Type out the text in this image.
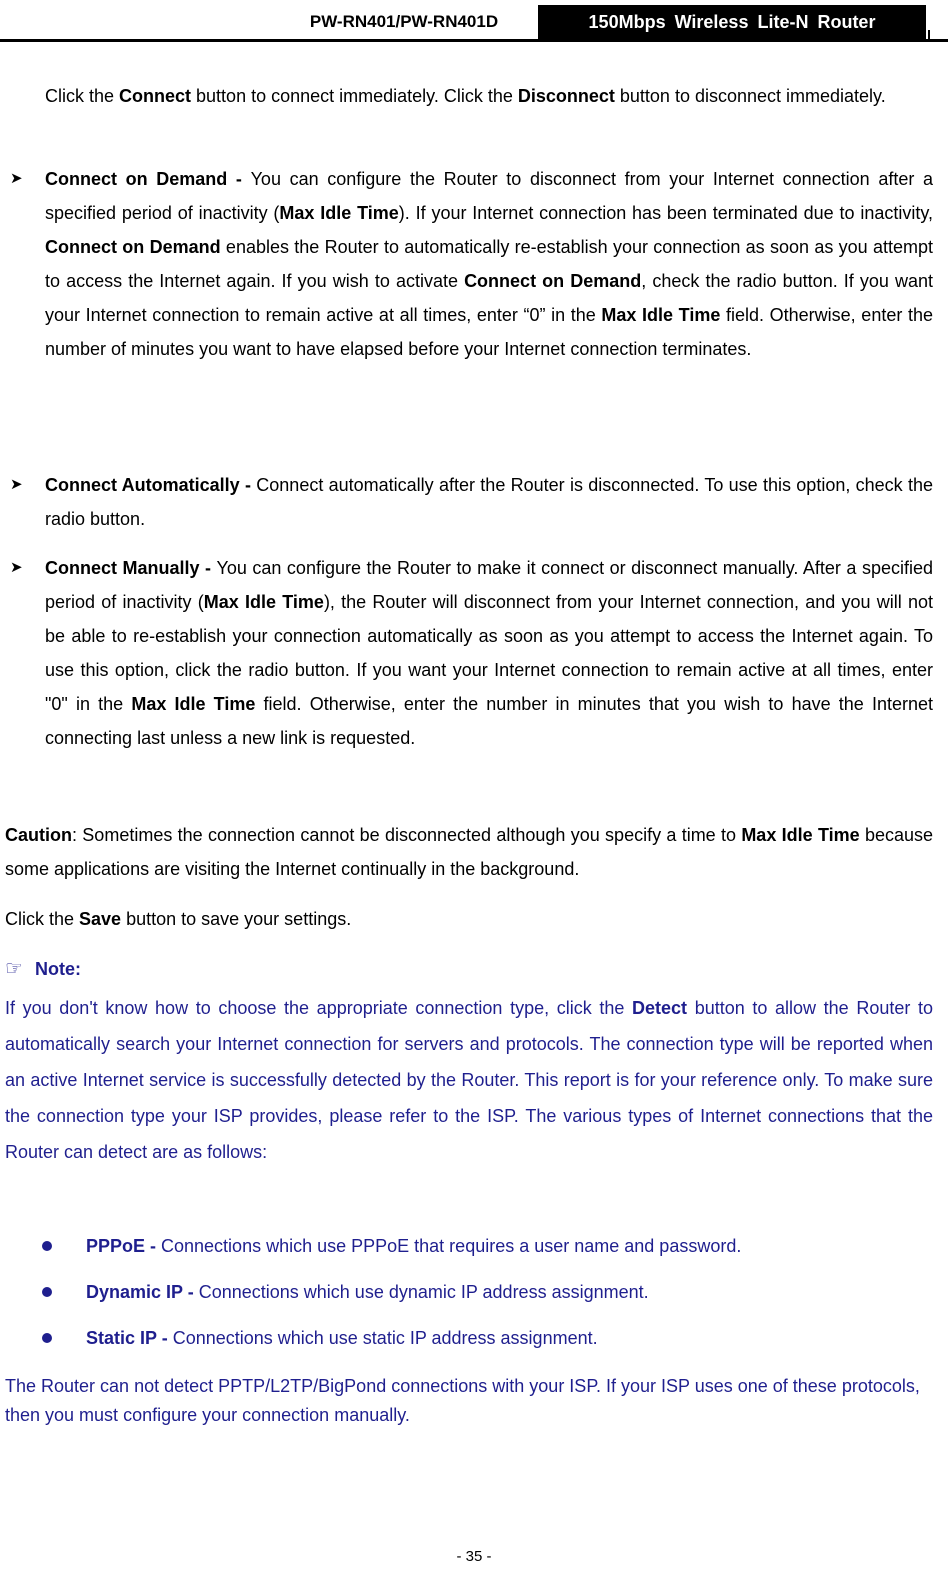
PW-RN401/PW-RN401D	150Mbps Wireless Lite-N Router

Click the Connect button to connect immediately. Click the Disconnect button to disconnect immediately.

➤ Connect on Demand - You can configure the Router to disconnect from your Internet connection after a specified period of inactivity (Max Idle Time). If your Internet connection has been terminated due to inactivity, Connect on Demand enables the Router to automatically re-establish your connection as soon as you attempt to access the Internet again. If you wish to activate Connect on Demand, check the radio button. If you want your Internet connection to remain active at all times, enter “0” in the Max Idle Time field. Otherwise, enter the number of minutes you want to have elapsed before your Internet connection terminates.

➤ Connect Automatically - Connect automatically after the Router is disconnected. To use this option, check the radio button.

➤ Connect Manually - You can configure the Router to make it connect or disconnect manually. After a specified period of inactivity (Max Idle Time), the Router will disconnect from your Internet connection, and you will not be able to re-establish your connection automatically as soon as you attempt to access the Internet again. To use this option, click the radio button. If you want your Internet connection to remain active at all times, enter "0" in the Max Idle Time field. Otherwise, enter the number in minutes that you wish to have the Internet connecting last unless a new link is requested.

Caution: Sometimes the connection cannot be disconnected although you specify a time to Max Idle Time because some applications are visiting the Internet continually in the background.

Click the Save button to save your settings.

☞ Note:

If you don't know how to choose the appropriate connection type, click the Detect button to allow the Router to automatically search your Internet connection for servers and protocols. The connection type will be reported when an active Internet service is successfully detected by the Router. This report is for your reference only. To make sure the connection type your ISP provides, please refer to the ISP. The various types of Internet connections that the Router can detect are as follows:

PPPoE - Connections which use PPPoE that requires a user name and password.
Dynamic IP - Connections which use dynamic IP address assignment.
Static IP - Connections which use static IP address assignment.

The Router can not detect PPTP/L2TP/BigPond connections with your ISP. If your ISP uses one of these protocols, then you must configure your connection manually.

- 35 -
